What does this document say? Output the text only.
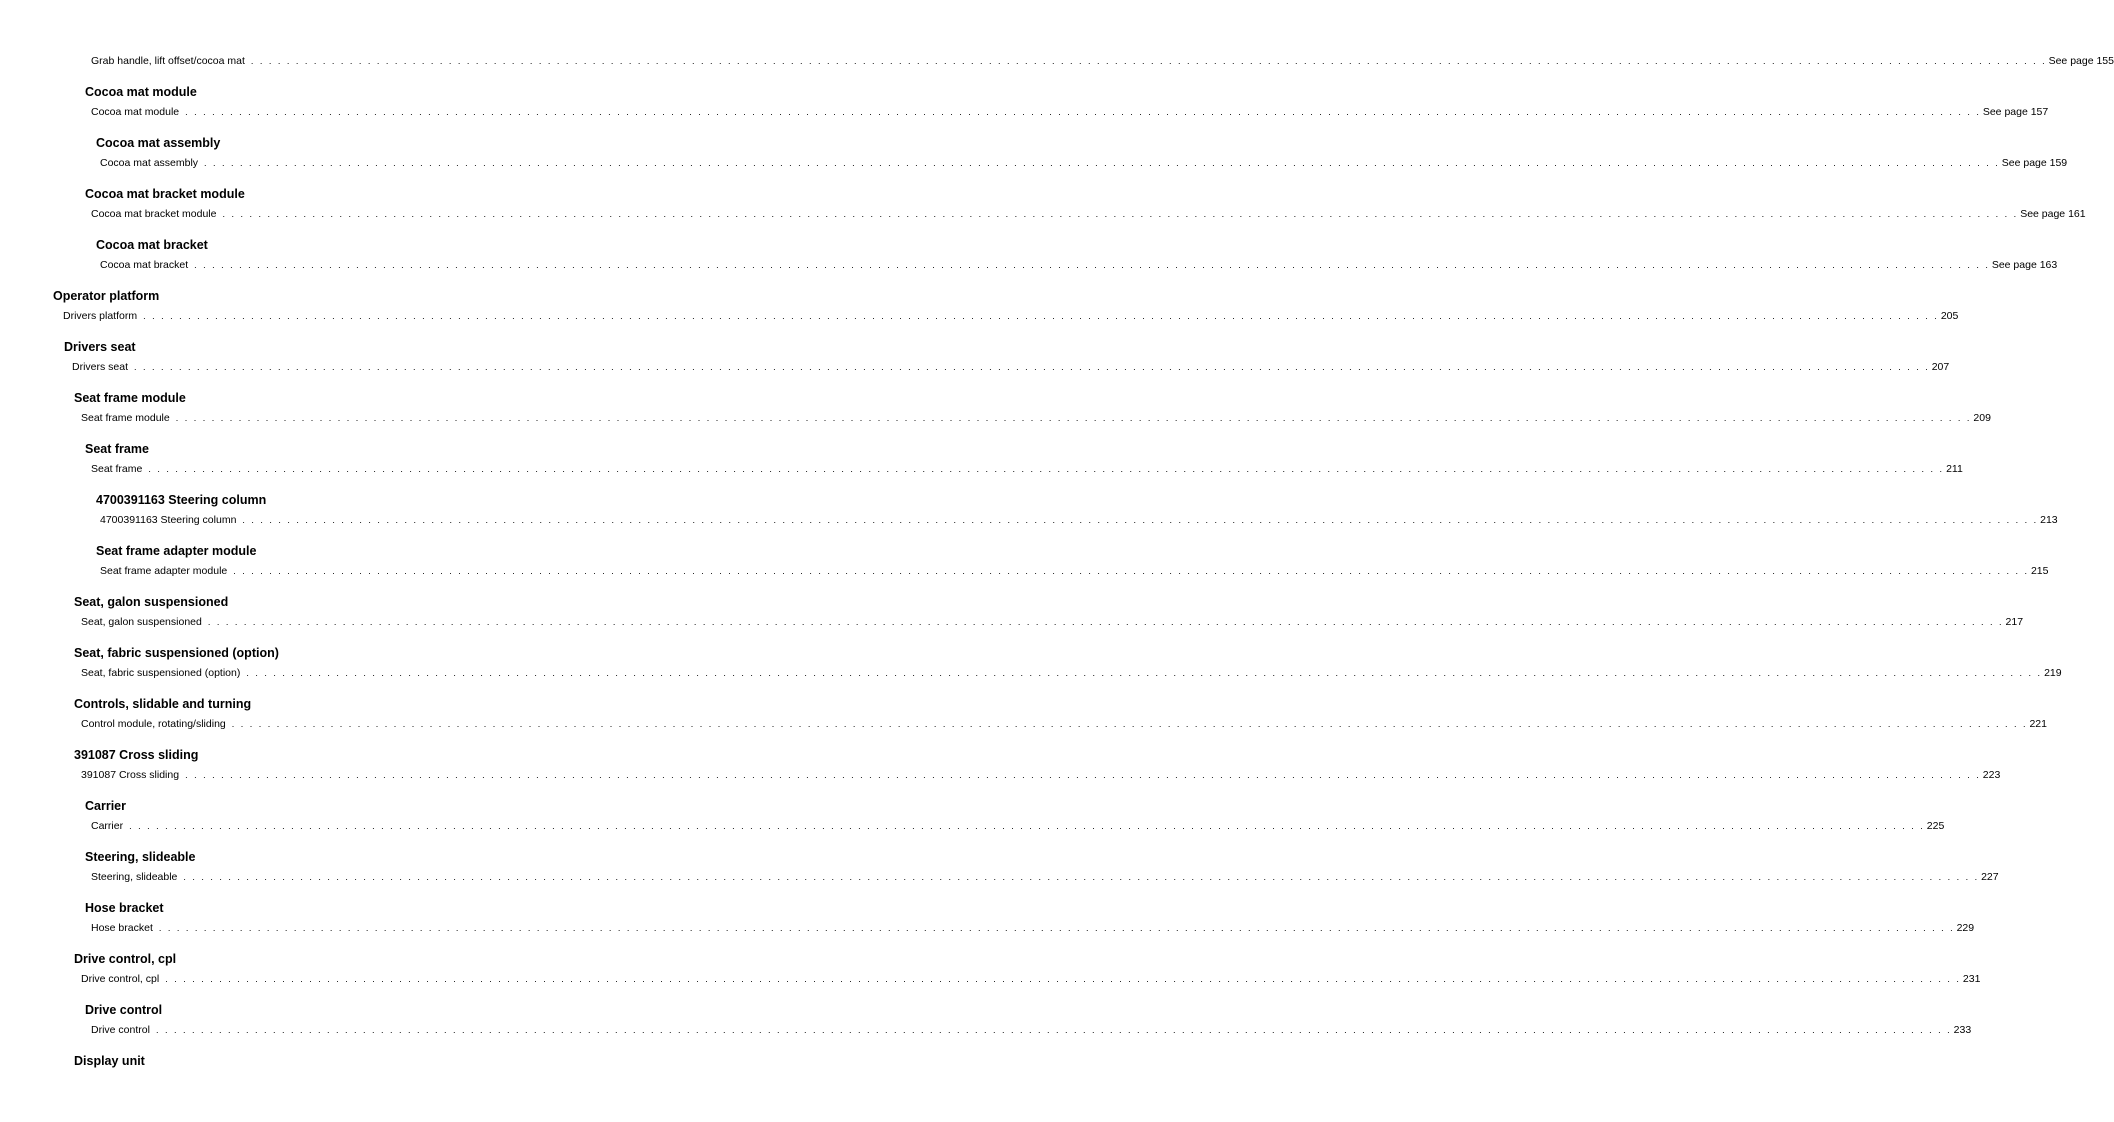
Grab handle, lift offset/cocoa mat . . . . . . . . . . . . . . . . . . . . . . . . . . . . . . . . . . . . . . . . . . . . . . . . . . . . . . . . . . . . . . . . . . . . . . . . . . . . . . . . . . . . . . . . . . . . . . . . . . . . . . . . . . . . . . . . . . . . . . . . . . . . . . . . . . . . . . . . . . . . . . . . . . . . . . . . . . . . . . . . . . . . . . . . . . . . . . . . . . . . . . . . . . . . . . . . . . . . . . . . See page 155
Cocoa mat module
Cocoa mat module . . . . . . . . . . . . . . . . . . . . . . . . . . . . . . . . . . . . . . . . . . . . . . . . . . . . . . . . . . . . . . . . . . . . . . . . . . . . . . . . . . . . . . . . . . . . . . . . . . . . . . . . . . . . . . . . . . . . . . . . . . . . . . . . . . . . . . . . . . . . . . . . . . . . . . . . . . . . . . . . . . . . . . . . . . . . . . . . . . . . . . . . . . . . . . . . . . . . . . . . See page 157
Cocoa mat assembly
Cocoa mat assembly . . . . . . . . . . . . . . . . . . . . . . . . . . . . . . . . . . . . . . . . . . . . . . . . . . . . . . . . . . . . . . . . . . . . . . . . . . . . . . . . . . . . . . . . . . . . . . . . . . . . . . . . . . . . . . . . . . . . . . . . . . . . . . . . . . . . . . . . . . . . . . . . . . . . . . . . . . . . . . . . . . . . . . . . . . . . . . . . . . . . . . . . . . . . . . . . . . . . . . . . See page 159
Cocoa mat bracket module
Cocoa mat bracket module . . . . . . . . . . . . . . . . . . . . . . . . . . . . . . . . . . . . . . . . . . . . . . . . . . . . . . . . . . . . . . . . . . . . . . . . . . . . . . . . . . . . . . . . . . . . . . . . . . . . . . . . . . . . . . . . . . . . . . . . . . . . . . . . . . . . . . . . . . . . . . . . . . . . . . . . . . . . . . . . . . . . . . . . . . . . . . . . . . . . . . . . . . . . . . . . . . . . . . . . See page 161
Cocoa mat bracket
Cocoa mat bracket . . . . . . . . . . . . . . . . . . . . . . . . . . . . . . . . . . . . . . . . . . . . . . . . . . . . . . . . . . . . . . . . . . . . . . . . . . . . . . . . . . . . . . . . . . . . . . . . . . . . . . . . . . . . . . . . . . . . . . . . . . . . . . . . . . . . . . . . . . . . . . . . . . . . . . . . . . . . . . . . . . . . . . . . . . . . . . . . . . . . . . . . . . . . . . . . . . . . . . . . See page 163
Operator platform
Drivers platform . . . . . . . . . . . . . . . . . . . . . . . . . . . . . . . . . . . . . . . . . . . . . . . . . . . . . . . . . . . . . . . . . . . . . . . . . . . . . . . . . . . . . . . . . . . . . . . . . . . . . . . . . . . . . . . . . . . . . . . . . . . . . . . . . . . . . . . . . . . . . . . . . . . . . . . . . . . . . . . . . . . . . . . . . . . . . . . . . . . . . . . . . . . . . . . . . . . . . . . . 205
Drivers seat
Drivers seat . . . . . . . . . . . . . . . . . . . . . . . . . . . . . . . . . . . . . . . . . . . . . . . . . . . . . . . . . . . . . . . . . . . . . . . . . . . . . . . . . . . . . . . . . . . . . . . . . . . . . . . . . . . . . . . . . . . . . . . . . . . . . . . . . . . . . . . . . . . . . . . . . . . . . . . . . . . . . . . . . . . . . . . . . . . . . . . . . . . . . . . . . . . . . . . . . . . . . . . . 207
Seat frame module
Seat frame module . . . . . . . . . . . . . . . . . . . . . . . . . . . . . . . . . . . . . . . . . . . . . . . . . . . . . . . . . . . . . . . . . . . . . . . . . . . . . . . . . . . . . . . . . . . . . . . . . . . . . . . . . . . . . . . . . . . . . . . . . . . . . . . . . . . . . . . . . . . . . . . . . . . . . . . . . . . . . . . . . . . . . . . . . . . . . . . . . . . . . . . . . . . . . . . . . . . . . . . . 209
Seat frame
Seat frame . . . . . . . . . . . . . . . . . . . . . . . . . . . . . . . . . . . . . . . . . . . . . . . . . . . . . . . . . . . . . . . . . . . . . . . . . . . . . . . . . . . . . . . . . . . . . . . . . . . . . . . . . . . . . . . . . . . . . . . . . . . . . . . . . . . . . . . . . . . . . . . . . . . . . . . . . . . . . . . . . . . . . . . . . . . . . . . . . . . . . . . . . . . . . . . . . . . . . . . . 211
4700391163 Steering column
4700391163 Steering column . . . . . . . . . . . . . . . . . . . . . . . . . . . . . . . . . . . . . . . . . . . . . . . . . . . . . . . . . . . . . . . . . . . . . . . . . . . . . . . . . . . . . . . . . . . . . . . . . . . . . . . . . . . . . . . . . . . . . . . . . . . . . . . . . . . . . . . . . . . . . . . . . . . . . . . . . . . . . . . . . . . . . . . . . . . . . . . . . . . . . . . . . . . . . . . . . . . . . . . . 213
Seat frame adapter module
Seat frame adapter module . . . . . . . . . . . . . . . . . . . . . . . . . . . . . . . . . . . . . . . . . . . . . . . . . . . . . . . . . . . . . . . . . . . . . . . . . . . . . . . . . . . . . . . . . . . . . . . . . . . . . . . . . . . . . . . . . . . . . . . . . . . . . . . . . . . . . . . . . . . . . . . . . . . . . . . . . . . . . . . . . . . . . . . . . . . . . . . . . . . . . . . . . . . . . . . . . . . . . . . . 215
Seat, galon suspensioned
Seat, galon suspensioned . . . . . . . . . . . . . . . . . . . . . . . . . . . . . . . . . . . . . . . . . . . . . . . . . . . . . . . . . . . . . . . . . . . . . . . . . . . . . . . . . . . . . . . . . . . . . . . . . . . . . . . . . . . . . . . . . . . . . . . . . . . . . . . . . . . . . . . . . . . . . . . . . . . . . . . . . . . . . . . . . . . . . . . . . . . . . . . . . . . . . . . . . . . . . . . . . . . . . . . . 217
Seat, fabric suspensioned (option)
Seat, fabric suspensioned (option) . . . . . . . . . . . . . . . . . . . . . . . . . . . . . . . . . . . . . . . . . . . . . . . . . . . . . . . . . . . . . . . . . . . . . . . . . . . . . . . . . . . . . . . . . . . . . . . . . . . . . . . . . . . . . . . . . . . . . . . . . . . . . . . . . . . . . . . . . . . . . . . . . . . . . . . . . . . . . . . . . . . . . . . . . . . . . . . . . . . . . . . . . . . . . . . . . . . . . . . . 219
Controls, slidable and turning
Control module, rotating/sliding . . . . . . . . . . . . . . . . . . . . . . . . . . . . . . . . . . . . . . . . . . . . . . . . . . . . . . . . . . . . . . . . . . . . . . . . . . . . . . . . . . . . . . . . . . . . . . . . . . . . . . . . . . . . . . . . . . . . . . . . . . . . . . . . . . . . . . . . . . . . . . . . . . . . . . . . . . . . . . . . . . . . . . . . . . . . . . . . . . . . . . . . . . . . . . . . . . . . . . . . 221
391087 Cross sliding
391087 Cross sliding . . . . . . . . . . . . . . . . . . . . . . . . . . . . . . . . . . . . . . . . . . . . . . . . . . . . . . . . . . . . . . . . . . . . . . . . . . . . . . . . . . . . . . . . . . . . . . . . . . . . . . . . . . . . . . . . . . . . . . . . . . . . . . . . . . . . . . . . . . . . . . . . . . . . . . . . . . . . . . . . . . . . . . . . . . . . . . . . . . . . . . . . . . . . . . . . . . . . . . . . 223
Carrier
Carrier . . . . . . . . . . . . . . . . . . . . . . . . . . . . . . . . . . . . . . . . . . . . . . . . . . . . . . . . . . . . . . . . . . . . . . . . . . . . . . . . . . . . . . . . . . . . . . . . . . . . . . . . . . . . . . . . . . . . . . . . . . . . . . . . . . . . . . . . . . . . . . . . . . . . . . . . . . . . . . . . . . . . . . . . . . . . . . . . . . . . . . . . . . . . . . . . . . . . . . . . 225
Steering, slideable
Steering, slideable . . . . . . . . . . . . . . . . . . . . . . . . . . . . . . . . . . . . . . . . . . . . . . . . . . . . . . . . . . . . . . . . . . . . . . . . . . . . . . . . . . . . . . . . . . . . . . . . . . . . . . . . . . . . . . . . . . . . . . . . . . . . . . . . . . . . . . . . . . . . . . . . . . . . . . . . . . . . . . . . . . . . . . . . . . . . . . . . . . . . . . . . . . . . . . . . . . . . . . . . 227
Hose bracket
Hose bracket . . . . . . . . . . . . . . . . . . . . . . . . . . . . . . . . . . . . . . . . . . . . . . . . . . . . . . . . . . . . . . . . . . . . . . . . . . . . . . . . . . . . . . . . . . . . . . . . . . . . . . . . . . . . . . . . . . . . . . . . . . . . . . . . . . . . . . . . . . . . . . . . . . . . . . . . . . . . . . . . . . . . . . . . . . . . . . . . . . . . . . . . . . . . . . . . . . . . . . . . 229
Drive control, cpl
Drive control, cpl . . . . . . . . . . . . . . . . . . . . . . . . . . . . . . . . . . . . . . . . . . . . . . . . . . . . . . . . . . . . . . . . . . . . . . . . . . . . . . . . . . . . . . . . . . . . . . . . . . . . . . . . . . . . . . . . . . . . . . . . . . . . . . . . . . . . . . . . . . . . . . . . . . . . . . . . . . . . . . . . . . . . . . . . . . . . . . . . . . . . . . . . . . . . . . . . . . . . . . . . 231
Drive control
Drive control . . . . . . . . . . . . . . . . . . . . . . . . . . . . . . . . . . . . . . . . . . . . . . . . . . . . . . . . . . . . . . . . . . . . . . . . . . . . . . . . . . . . . . . . . . . . . . . . . . . . . . . . . . . . . . . . . . . . . . . . . . . . . . . . . . . . . . . . . . . . . . . . . . . . . . . . . . . . . . . . . . . . . . . . . . . . . . . . . . . . . . . . . . . . . . . . . . . . . . . . 233
Display unit
